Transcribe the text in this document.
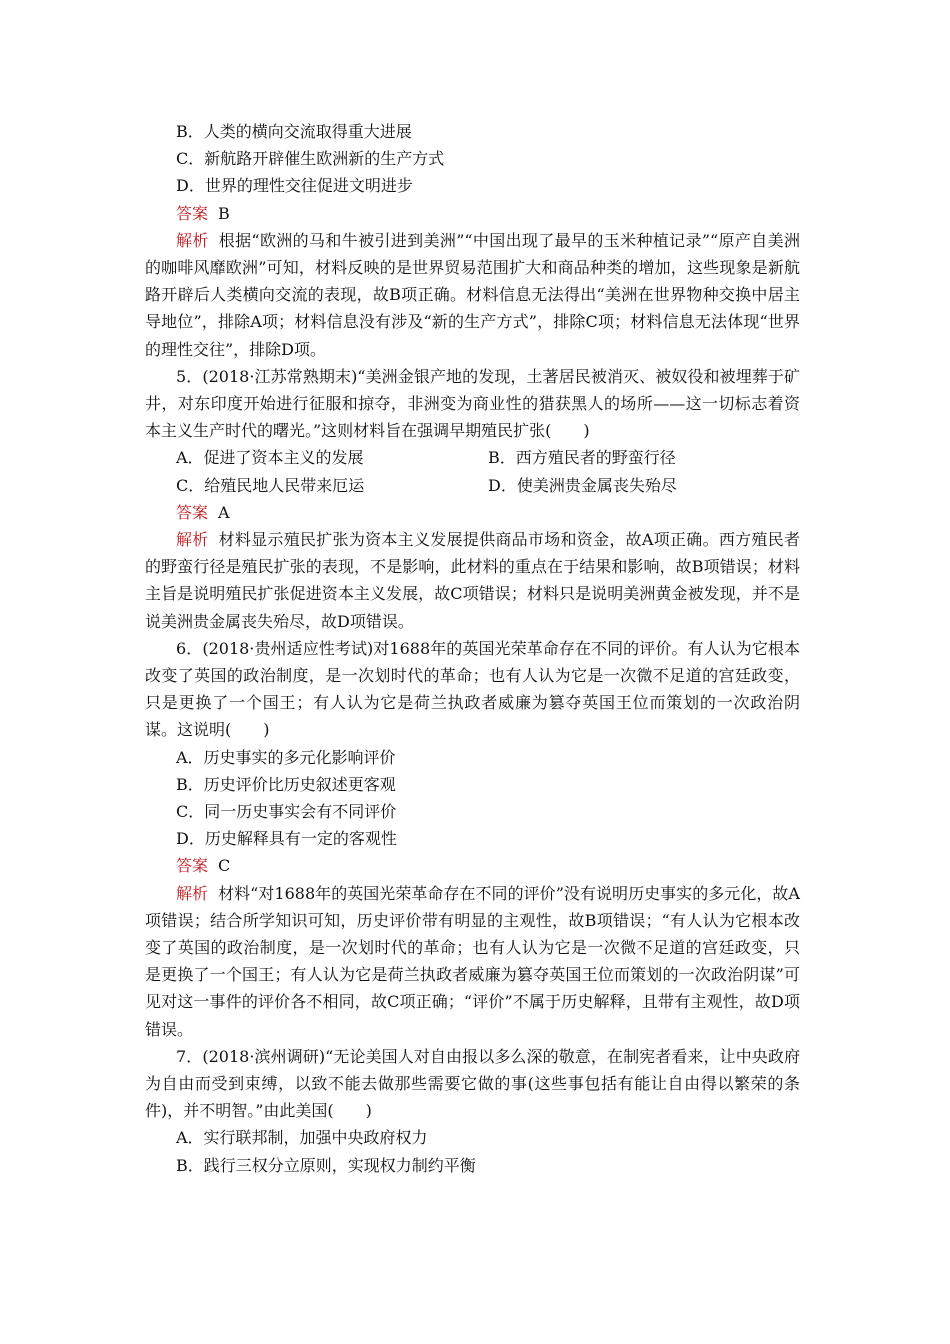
B．人类的横向交流取得重大进展
C．新航路开辟催生欧洲新的生产方式
D．世界的理性交往促进文明进步
答案 B
解析 根据“欧洲的马和牛被引进到美洲”“中国出现了最早的玉米种植记录”“原产自美洲的咖啡风靡欧洲”可知，材料反映的是世界贸易范围扩大和商品种类的增加，这些现象是新航路开辟后人类横向交流的表现，故B项正确。材料信息无法得出“美洲在世界物种交换中居主导地位”，排除A项；材料信息没有涉及“新的生产方式”，排除C项；材料信息无法体现“世界的理性交往”，排除D项。
5．(2018·江苏常熟期末)“美洲金银产地的发现，土著居民被消灭、被奴役和被埋葬于矿井，对东印度开始进行征服和掠夺，非洲变为商业性的猎获黑人的场所——这一切标志着资本主义生产时代的曙光。”这则材料旨在强调早期殖民扩张(　　)
A．促进了资本主义的发展	B．西方殖民者的野蛮行径
C．给殖民地人民带来厄运	D．使美洲贵金属丧失殆尽
答案 A
解析 材料显示殖民扩张为资本主义发展提供商品市场和资金，故A项正确。西方殖民者的野蛮行径是殖民扩张的表现，不是影响，此材料的重点在于结果和影响，故B项错误；材料主旨是说明殖民扩张促进资本主义发展，故C项错误；材料只是说明美洲黄金被发现，并不是说美洲贵金属丧失殆尽，故D项错误。
6．(2018·贵州适应性考试)对1688年的英国光荣革命存在不同的评价。有人认为它根本改变了英国的政治制度，是一次划时代的革命；也有人认为它是一次微不足道的宫廷政变，只是更换了一个国王；有人认为它是荷兰执政者威廉为篡夺英国王位而策划的一次政治阴谋。这说明(　　)
A．历史事实的多元化影响评价
B．历史评价比历史叙述更客观
C．同一历史事实会有不同评价
D．历史解释具有一定的客观性
答案 C
解析 材料“对1688年的英国光荣革命存在不同的评价”没有说明历史事实的多元化，故A项错误；结合所学知识可知，历史评价带有明显的主观性，故B项错误；“有人认为它根本改变了英国的政治制度，是一次划时代的革命；也有人认为它是一次微不足道的宫廷政变，只是更换了一个国王；有人认为它是荷兰执政者威廉为篡夺英国王位而策划的一次政治阴谋”可见对这一事件的评价各不相同，故C项正确；“评价”不属于历史解释，且带有主观性，故D项错误。
7．(2018·滨州调研)“无论美国人对自由报以多么深的敬意，在制宪者看来，让中央政府为自由而受到束缚，以致不能去做那些需要它做的事(这些事包括有能让自由得以繁荣的条件)，并不明智。”由此美国(　　)
A．实行联邦制，加强中央政府权力
B．践行三权分立原则，实现权力制约平衡
